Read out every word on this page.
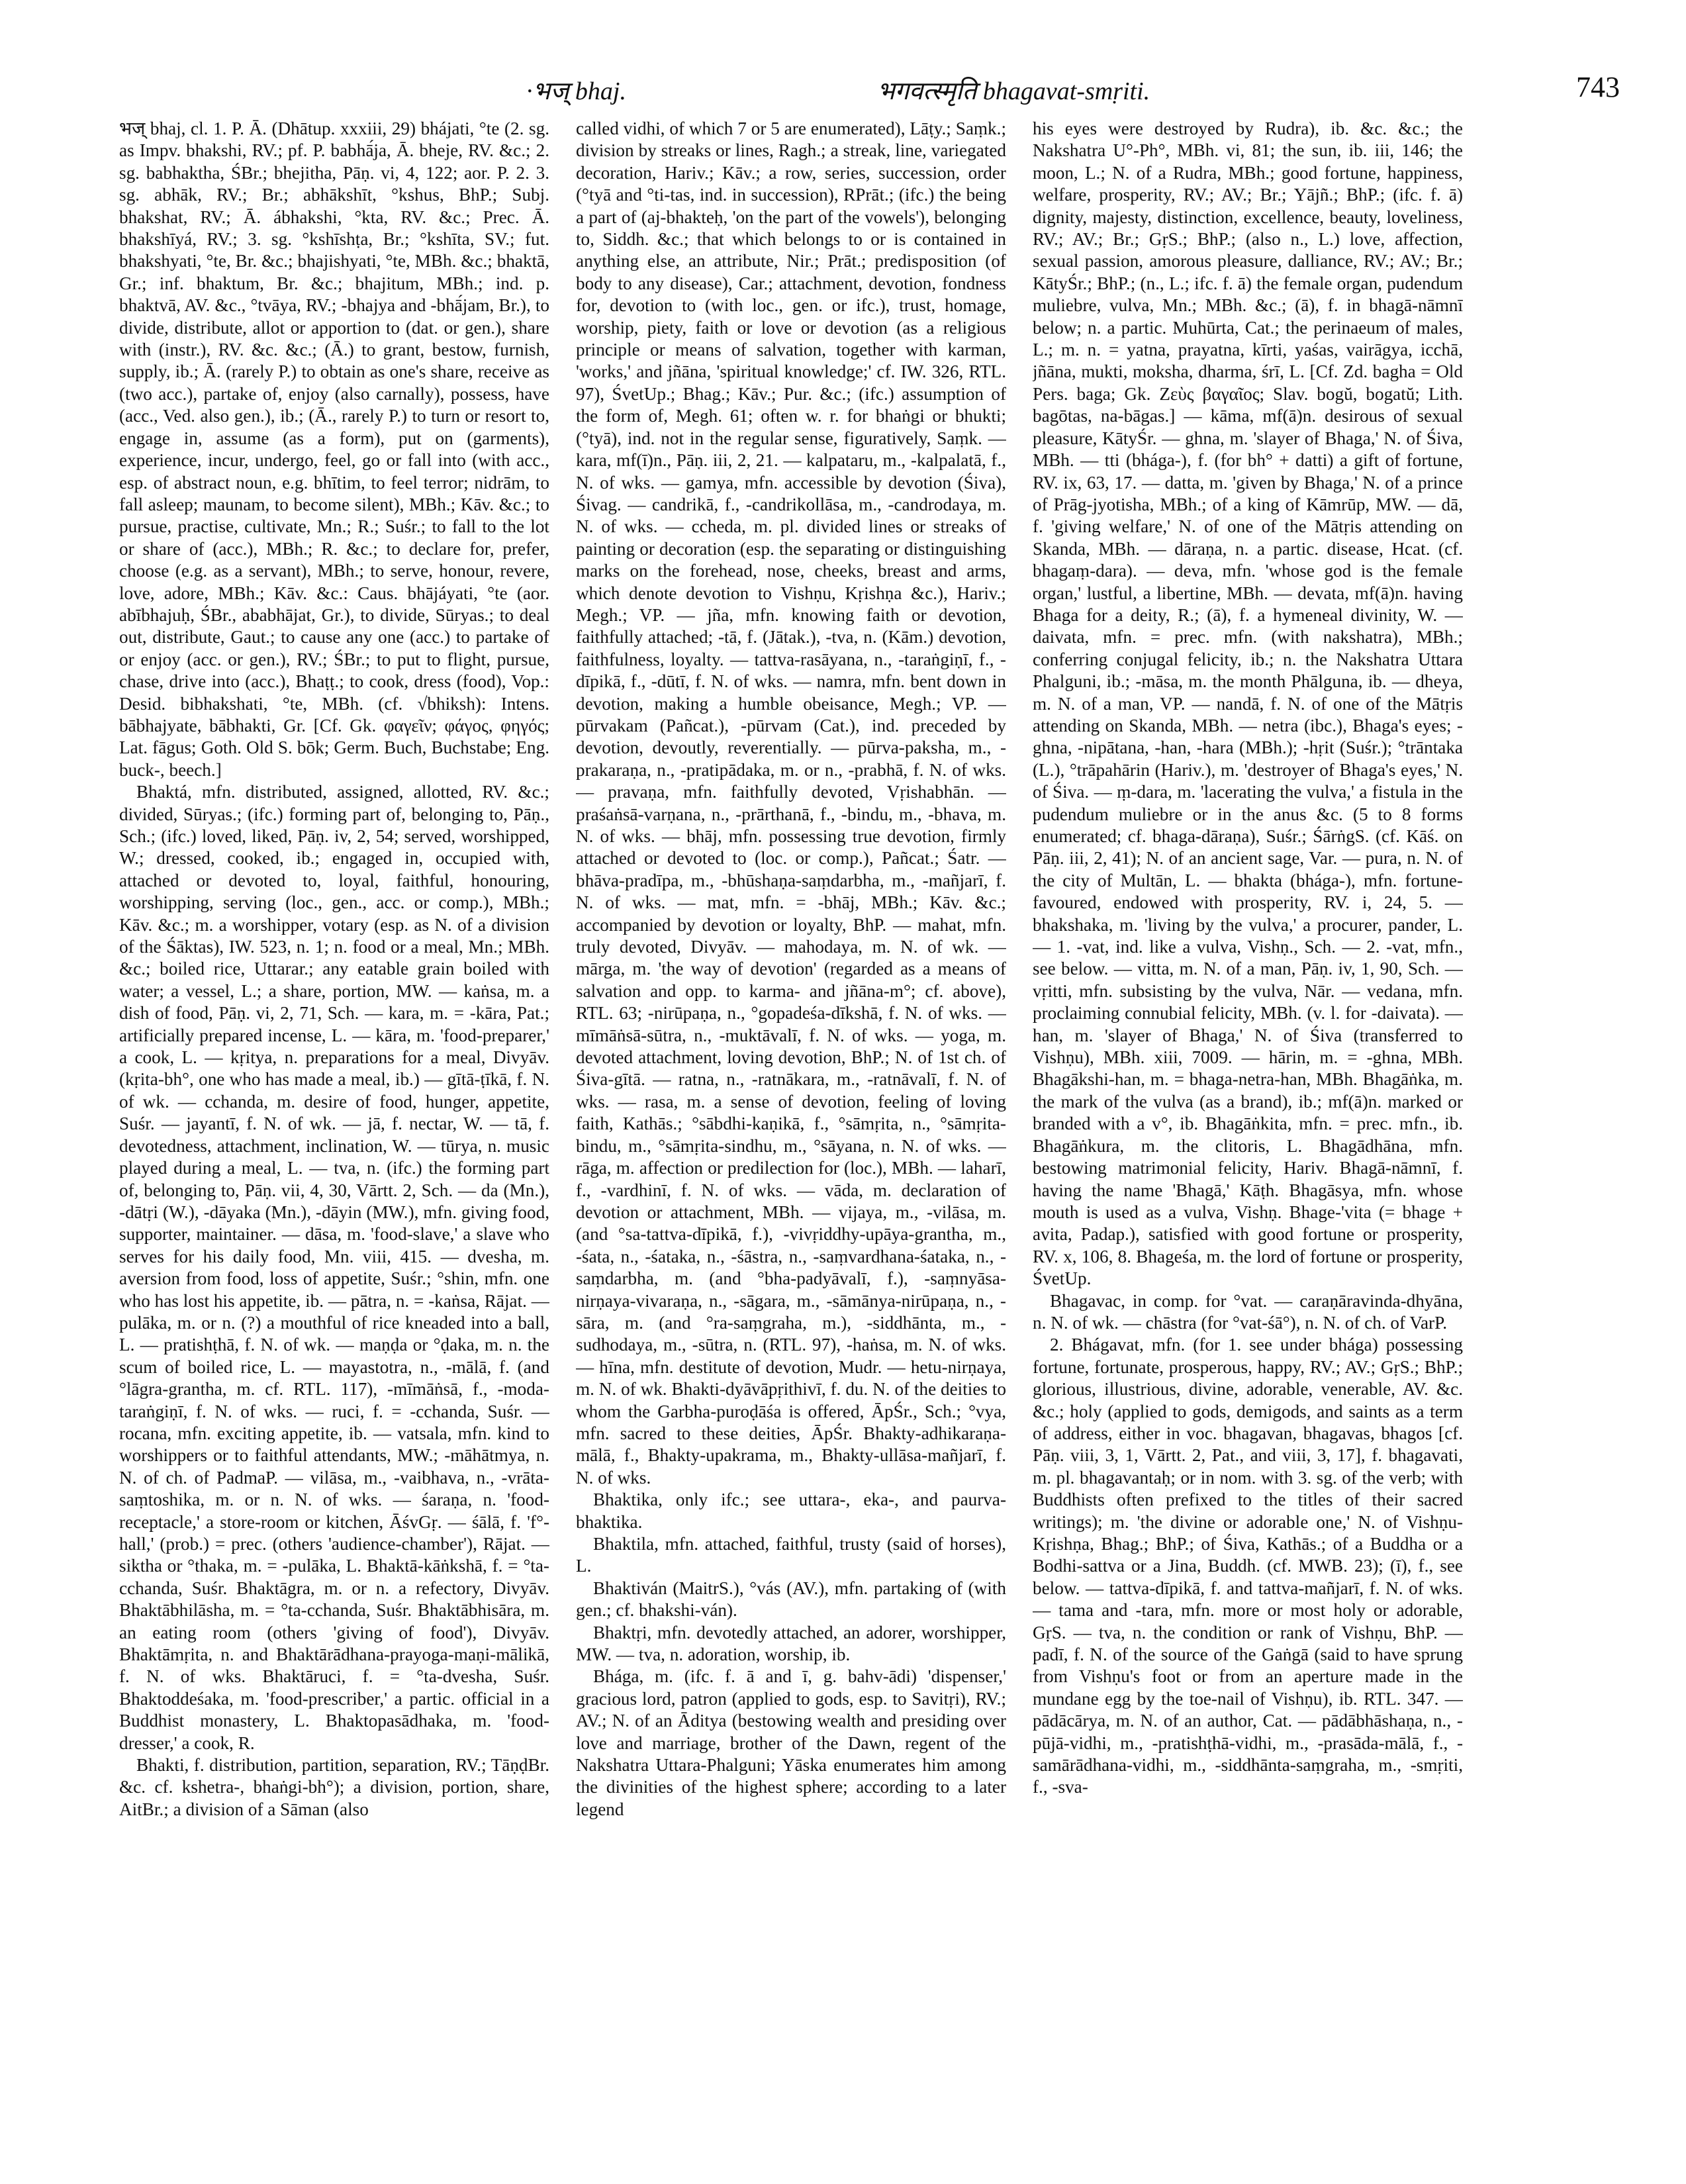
·भज् bhaj.	भगवत्स्मृति bhagavat-smṛiti.	743

भज् bhaj, cl. 1. P. Ā. (Dhātup. xxxiii, 29) bhájati, °te (2. sg. as Impv. bhakshi, RV.; pf. P. babhā́ja, Ā. bheje, RV. &c.; 2. sg. babhaktha, ŚBr.; bhejitha, Pāṇ. vi, 4, 122; aor. P. 2. 3. sg. abhāk, RV.; Br.; abhākshīt, °kshus, BhP.; Subj. bhakshat, RV.; Ā. ábhakshi, °kta, RV. &c.; Prec. Ā. bhakshīyá, RV.; 3. sg. °kshīshṭa, Br.; °kshīta, SV.; fut. bhakshyati, °te, Br. &c.; bhajishyati, °te, MBh. &c.; bhaktā, Gr.; inf. bhaktum, Br. &c.; bhajitum, MBh.; ind. p. bhaktvā, AV. &c., °tvāya, RV.; -bhajya and -bhā́jam, Br.), to divide, distribute, allot or apportion to (dat. or gen.), share with (instr.), RV. &c. &c.; (Ā.) to grant, bestow, furnish, supply, ib.; Ā. (rarely P.) to obtain as one's share, receive as (two acc.), partake of, enjoy (also carnally), possess, have (acc., Ved. also gen.), ib.; (Ā., rarely P.) to turn or resort to, engage in, assume (as a form), put on (garments), experience, incur, undergo, feel, go or fall into (with acc., esp. of abstract noun, e.g. bhītim, to feel terror; nidrām, to fall asleep; maunam, to become silent), MBh.; Kāv. &c.; to pursue, practise, cultivate, Mn.; R.; Suśr.; to fall to the lot or share of (acc.), MBh.; R. &c.; to declare for, prefer, choose (e.g. as a servant), MBh.; to serve, honour, revere, love, adore, MBh.; Kāv. &c.: Caus. bhājáyati, °te (aor. abībhajuḥ, ŚBr., ababhājat, Gr.), to divide, Sūryas.; to deal out, distribute, Gaut.; to cause any one (acc.) to partake of or enjoy (acc. or gen.), RV.; ŚBr.; to put to flight, pursue, chase, drive into (acc.), Bhaṭṭ.; to cook, dress (food), Vop.: Desid. bibhakshati, °te, MBh. (cf. √bhiksh): Intens. bābhajyate, bābhakti, Gr. [Cf. Gk. φαγεῖν; φάγος, φηγός; Lat. fāgus; Goth. Old S. bōk; Germ. Buch, Buchstabe; Eng. buck-, beech.]

Bhaktá, mfn. distributed, assigned, allotted, RV. &c.; divided, Sūryas.; (ifc.) forming part of, belonging to, Pāṇ., Sch.; (ifc.) loved, liked, Pāṇ. iv, 2, 54; served, worshipped, W.; dressed, cooked, ib.; engaged in, occupied with, attached or devoted to, loyal, faithful, honouring, worshipping, serving (loc., gen., acc. or comp.), MBh.; Kāv. &c.; m. a worshipper, votary (esp. as N. of a division of the Śāktas), IW. 523, n. 1; n. food or a meal, Mn.; MBh. &c.; boiled rice, Uttarar.; any eatable grain boiled with water; a vessel, L.; a share, portion, MW. — kaṅsa, m. a dish of food, Pāṇ. vi, 2, 71, Sch. — kara, m. = -kāra, Pat.; artificially prepared incense, L. — kāra, m. 'food-preparer,' a cook, L. — kṛitya, n. preparations for a meal, Divyāv. (kṛita-bh°, one who has made a meal, ib.) — gītā-ṭīkā, f. N. of wk. — cchanda, m. desire of food, hunger, appetite, Suśr. — jayantī, f. N. of wk. — jā, f. nectar, W. — tā, f. devotedness, attachment, inclination, W. — tūrya, n. music played during a meal, L. — tva, n. (ifc.) the forming part of, belonging to, Pāṇ. vii, 4, 30, Vārtt. 2, Sch. — da (Mn.), -dātṛi (W.), -dāyaka (Mn.), -dāyin (MW.), mfn. giving food, supporter, maintainer. — dāsa, m. 'food-slave,' a slave who serves for his daily food, Mn. viii, 415. — dvesha, m. aversion from food, loss of appetite, Suśr.; °shin, mfn. one who has lost his appetite, ib. — pātra, n. = -kaṅsa, Rājat. — pulāka, m. or n. (?) a mouthful of rice kneaded into a ball, L. — pratishṭhā, f. N. of wk. — maṇḍa or °ḍaka, m. n. the scum of boiled rice, L. — mayastotra, n., -mālā, f. (and °lāgra-grantha, m. cf. RTL. 117), -mīmāṅsā, f., -moda-taraṅgiṇī, f. N. of wks. — ruci, f. = -cchanda, Suśr. — rocana, mfn. exciting appetite, ib. — vatsala, mfn. kind to worshippers or to faithful attendants, MW.; -māhātmya, n. N. of ch. of PadmaP. — vilāsa, m., -vaibhava, n., -vrāta-saṃtoshika, m. or n. N. of wks. — śaraṇa, n. 'food-receptacle,' a store-room or kitchen, ĀśvGṛ. — śālā, f. 'f°-hall,' (prob.) = prec. (others 'audience-chamber'), Rājat. — siktha or °thaka, m. = -pulāka, L. Bhaktā-kāṅkshā, f. = °ta-cchanda, Suśr. Bhaktāgra, m. or n. a refectory, Divyāv. Bhaktābhilāsha, m. = °ta-cchanda, Suśr. Bhaktābhisāra, m. an eating room (others 'giving of food'), Divyāv. Bhaktāmṛita, n. and Bhaktārādhana-prayoga-maṇi-mālikā, f. N. of wks. Bhaktāruci, f. = °ta-dvesha, Suśr. Bhaktoddeśaka, m. 'food-prescriber,' a partic. official in a Buddhist monastery, L. Bhaktopasādhaka, m. 'food-dresser,' a cook, R.

Bhakti, f. distribution, partition, separation, RV.; TāṇḍBr. &c. cf. kshetra-, bhaṅgi-bh°); a division, portion, share, AitBr.; a division of a Sāman (also

called vidhi, of which 7 or 5 are enumerated), Lāṭy.; Saṃk.; division by streaks or lines, Ragh.; a streak, line, variegated decoration, Hariv.; Kāv.; a row, series, succession, order (°tyā and °ti-tas, ind. in succession), RPrāt.; (ifc.) the being a part of (aj-bhakteḥ, 'on the part of the vowels'), belonging to, Siddh. &c.; that which belongs to or is contained in anything else, an attribute, Nir.; Prāt.; predisposition (of body to any disease), Car.; attachment, devotion, fondness for, devotion to (with loc., gen. or ifc.), trust, homage, worship, piety, faith or love or devotion (as a religious principle or means of salvation, together with karman, 'works,' and jñāna, 'spiritual knowledge;' cf. IW. 326, RTL. 97), ŚvetUp.; Bhag.; Kāv.; Pur. &c.; (ifc.) assumption of the form of, Megh. 61; often w. r. for bhaṅgi or bhukti; (°tyā), ind. not in the regular sense, figuratively, Saṃk. — kara, mf(ī)n., Pāṇ. iii, 2, 21. — kalpataru, m., -kalpalatā, f., N. of wks. — gamya, mfn. accessible by devotion (Śiva), Śivag. — candrikā, f., -candrikollāsa, m., -candrodaya, m. N. of wks. — ccheda, m. pl. divided lines or streaks of painting or decoration (esp. the separating or distinguishing marks on the forehead, nose, cheeks, breast and arms, which denote devotion to Vishṇu, Kṛishṇa &c.), Hariv.; Megh.; VP. — jña, mfn. knowing faith or devotion, faithfully attached; -tā, f. (Jātak.), -tva, n. (Kām.) devotion, faithfulness, loyalty. — tattva-rasāyana, n., -taraṅgiṇī, f., -dīpikā, f., -dūtī, f. N. of wks. — namra, mfn. bent down in devotion, making a humble obeisance, Megh.; VP. — pūrvakam (Pañcat.), -pūrvam (Cat.), ind. preceded by devotion, devoutly, reverentially. — pūrva-paksha, m., -prakaraṇa, n., -pratipādaka, m. or n., -prabhā, f. N. of wks. — pravaṇa, mfn. faithfully devoted, Vṛishabhān. — praśaṅsā-varṇana, n., -prārthanā, f., -bindu, m., -bhava, m. N. of wks. — bhāj, mfn. possessing true devotion, firmly attached or devoted to (loc. or comp.), Pañcat.; Śatr. — bhāva-pradīpa, m., -bhūshaṇa-saṃdarbha, m., -mañjarī, f. N. of wks. — mat, mfn. = -bhāj, MBh.; Kāv. &c.; accompanied by devotion or loyalty, BhP. — mahat, mfn. truly devoted, Divyāv. — mahodaya, m. N. of wk. — mārga, m. 'the way of devotion' (regarded as a means of salvation and opp. to karma- and jñāna-m°; cf. above), RTL. 63; -nirūpaṇa, n., °gopadeśa-dīkshā, f. N. of wks. — mīmāṅsā-sūtra, n., -muktāvalī, f. N. of wks. — yoga, m. devoted attachment, loving devotion, BhP.; N. of 1st ch. of Śiva-gītā. — ratna, n., -ratnākara, m., -ratnāvalī, f. N. of wks. — rasa, m. a sense of devotion, feeling of loving faith, Kathās.; °sābdhi-kaṇikā, f., °sāmṛita, n., °sāmṛita-bindu, m., °sāmṛita-sindhu, m., °sāyana, n. N. of wks. — rāga, m. affection or predilection for (loc.), MBh. — laharī, f., -vardhinī, f. N. of wks. — vāda, m. declaration of devotion or attachment, MBh. — vijaya, m., -vilāsa, m. (and °sa-tattva-dīpikā, f.), -vivṛiddhy-upāya-grantha, m., -śata, n., -śataka, n., -śāstra, n., -saṃvardhana-śataka, n., -saṃdarbha, m. (and °bha-padyāvalī, f.), -saṃnyāsa-nirṇaya-vivaraṇa, n., -sāgara, m., -sāmānya-nirūpaṇa, n., -sāra, m. (and °ra-saṃgraha, m.), -siddhānta, m., -sudhodaya, m., -sūtra, n. (RTL. 97), -haṅsa, m. N. of wks. — hīna, mfn. destitute of devotion, Mudr. — hetu-nirṇaya, m. N. of wk. Bhakti-dyāvāpṛithivī, f. du. N. of the deities to whom the Garbha-puroḍāśa is offered, ĀpŚr., Sch.; °vya, mfn. sacred to these deities, ĀpŚr. Bhakty-adhikaraṇa-mālā, f., Bhakty-upakrama, m., Bhakty-ullāsa-mañjarī, f. N. of wks.

Bhaktika, only ifc.; see uttara-, eka-, and paurva-bhaktika.

Bhaktila, mfn. attached, faithful, trusty (said of horses), L.

Bhaktiván (MaitrS.), °vás (AV.), mfn. partaking of (with gen.; cf. bhakshi-ván).

Bhaktṛi, mfn. devotedly attached, an adorer, worshipper, MW. — tva, n. adoration, worship, ib.

Bhága, m. (ifc. f. ā and ī, g. bahv-ādi) 'dispenser,' gracious lord, patron (applied to gods, esp. to Savitṛi), RV.; AV.; N. of an Āditya (bestowing wealth and presiding over love and marriage, brother of the Dawn, regent of the Nakshatra Uttara-Phalguni; Yāska enumerates him among the divinities of the highest sphere; according to a later legend

his eyes were destroyed by Rudra), ib. &c. &c.; the Nakshatra U°-Ph°, MBh. vi, 81; the sun, ib. iii, 146; the moon, L.; N. of a Rudra, MBh.; good fortune, happiness, welfare, prosperity, RV.; AV.; Br.; Yājñ.; BhP.; (ifc. f. ā) dignity, majesty, distinction, excellence, beauty, loveliness, RV.; AV.; Br.; GṛS.; BhP.; (also n., L.) love, affection, sexual passion, amorous pleasure, dalliance, RV.; AV.; Br.; KātyŚr.; BhP.; (n., L.; ifc. f. ā) the female organ, pudendum muliebre, vulva, Mn.; MBh. &c.; (ā), f. in bhagā-nāmnī below; n. a partic. Muhūrta, Cat.; the perinaeum of males, L.; m. n. = yatna, prayatna, kīrti, yaśas, vairāgya, icchā, jñāna, mukti, moksha, dharma, śrī, L. [Cf. Zd. bagha = Old Pers. baga; Gk. Ζεὺς βαγαῖος; Slav. bogŭ, bogatŭ; Lith. bagōtas, na-bāgas.] — kāma, mf(ā)n. desirous of sexual pleasure, KātyŚr. — ghna, m. 'slayer of Bhaga,' N. of Śiva, MBh. — tti (bhága-), f. (for bh° + datti) a gift of fortune, RV. ix, 63, 17. — datta, m. 'given by Bhaga,' N. of a prince of Prāg-jyotisha, MBh.; of a king of Kāmrūp, MW. — dā, f. 'giving welfare,' N. of one of the Mātṛis attending on Skanda, MBh. — dāraṇa, n. a partic. disease, Hcat. (cf. bhagaṃ-dara). — deva, mfn. 'whose god is the female organ,' lustful, a libertine, MBh. — devata, mf(ā)n. having Bhaga for a deity, R.; (ā), f. a hymeneal divinity, W. — daivata, mfn. = prec. mfn. (with nakshatra), MBh.; conferring conjugal felicity, ib.; n. the Nakshatra Uttara Phalguni, ib.; -māsa, m. the month Phālguna, ib. — dheya, m. N. of a man, VP. — nandā, f. N. of one of the Mātṛis attending on Skanda, MBh. — netra (ibc.), Bhaga's eyes; -ghna, -nipātana, -han, -hara (MBh.); -hṛit (Suśr.); °trāntaka (L.), °trāpahārin (Hariv.), m. 'destroyer of Bhaga's eyes,' N. of Śiva. — ṃ-dara, m. 'lacerating the vulva,' a fistula in the pudendum muliebre or in the anus &c. (5 to 8 forms enumerated; cf. bhaga-dāraṇa), Suśr.; ŚārṅgS. (cf. Kāś. on Pāṇ. iii, 2, 41); N. of an ancient sage, Var. — pura, n. N. of the city of Multān, L. — bhakta (bhága-), mfn. fortune-favoured, endowed with prosperity, RV. i, 24, 5. — bhakshaka, m. 'living by the vulva,' a procurer, pander, L. — 1. -vat, ind. like a vulva, Vishṇ., Sch. — 2. -vat, mfn., see below. — vitta, m. N. of a man, Pāṇ. iv, 1, 90, Sch. — vṛitti, mfn. subsisting by the vulva, Nār. — vedana, mfn. proclaiming connubial felicity, MBh. (v. l. for -daivata). — han, m. 'slayer of Bhaga,' N. of Śiva (transferred to Vishṇu), MBh. xiii, 7009. — hārin, m. = -ghna, MBh. Bhagākshi-han, m. = bhaga-netra-han, MBh. Bhagāṅka, m. the mark of the vulva (as a brand), ib.; mf(ā)n. marked or branded with a v°, ib. Bhagāṅkita, mfn. = prec. mfn., ib. Bhagāṅkura, m. the clitoris, L. Bhagādhāna, mfn. bestowing matrimonial felicity, Hariv. Bhagā-nāmnī, f. having the name 'Bhagā,' Kāṭh. Bhagāsya, mfn. whose mouth is used as a vulva, Vishṇ. Bhage-'vita (= bhage + avita, Padap.), satisfied with good fortune or prosperity, RV. x, 106, 8. Bhageśa, m. the lord of fortune or prosperity, ŚvetUp.

Bhagavac, in comp. for °vat. — caraṇāravinda-dhyāna, n. N. of wk. — chāstra (for °vat-śā°), n. N. of ch. of VarP.

2. Bhágavat, mfn. (for 1. see under bhága) possessing fortune, fortunate, prosperous, happy, RV.; AV.; GṛS.; BhP.; glorious, illustrious, divine, adorable, venerable, AV. &c. &c.; holy (applied to gods, demigods, and saints as a term of address, either in voc. bhagavan, bhagavas, bhagos [cf. Pāṇ. viii, 3, 1, Vārtt. 2, Pat., and viii, 3, 17], f. bhagavati, m. pl. bhagavantaḥ; or in nom. with 3. sg. of the verb; with Buddhists often prefixed to the titles of their sacred writings); m. 'the divine or adorable one,' N. of Vishṇu-Kṛishṇa, Bhag.; BhP.; of Śiva, Kathās.; of a Buddha or a Bodhi-sattva or a Jina, Buddh. (cf. MWB. 23); (ī), f., see below. — tattva-dīpikā, f. and tattva-mañjarī, f. N. of wks. — tama and -tara, mfn. more or most holy or adorable, GṛS. — tva, n. the condition or rank of Vishṇu, BhP. — padī, f. N. of the source of the Gaṅgā (said to have sprung from Vishṇu's foot or from an aperture made in the mundane egg by the toe-nail of Vishṇu), ib. RTL. 347. — pādācārya, m. N. of an author, Cat. — pādābhāshaṇa, n., -pūjā-vidhi, m., -pratishṭhā-vidhi, m., -prasāda-mālā, f., -samārādhana-vidhi, m., -siddhānta-saṃgraha, m., -smṛiti, f., -sva-
